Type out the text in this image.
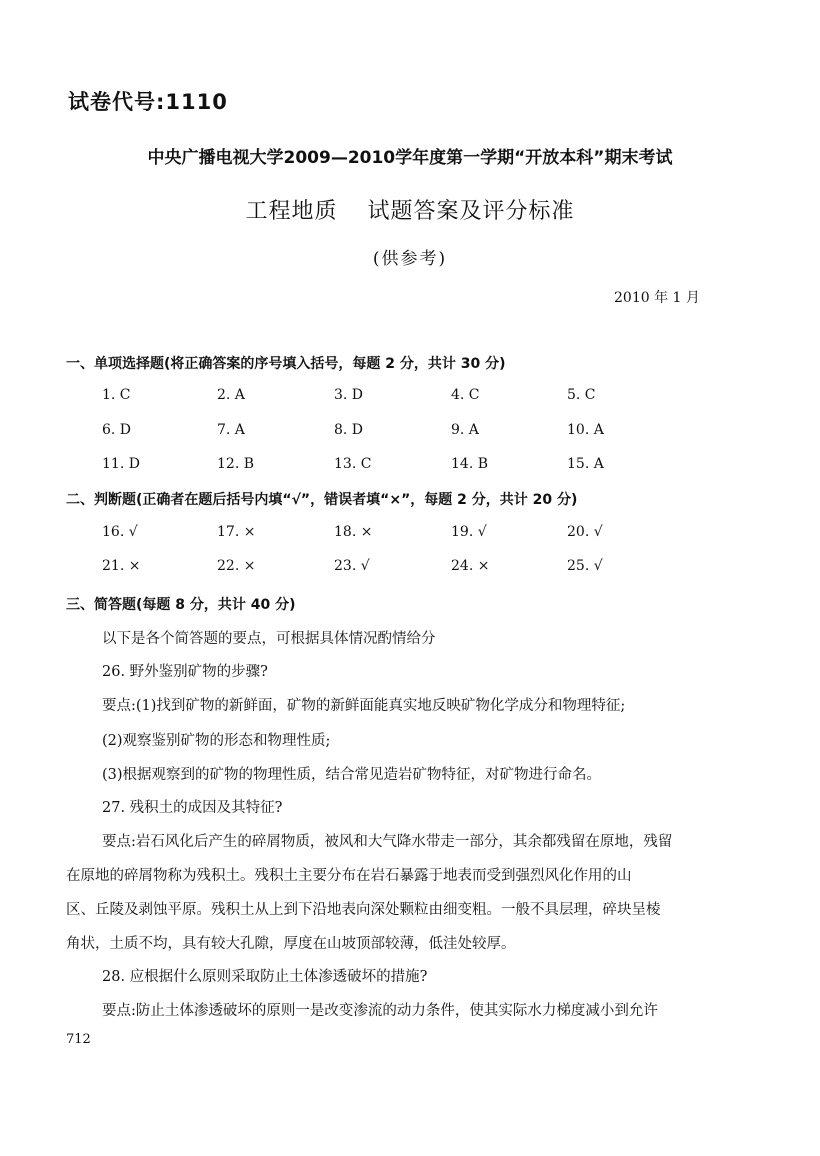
试卷代号:1110
中央广播电视大学2009—2010学年度第一学期“开放本科”期末考试
工程地质 试题答案及评分标准
(供参考)
2010 年 1 月
一、单项选择题(将正确答案的序号填入括号，每题 2 分，共计 30 分)
1. C	2. A	3. D	4. C	5. C
6. D	7. A	8. D	9. A	10. A
11. D	12. B	13. C	14. B	15. A
二、判断题(正确者在题后括号内填“√”，错误者填“×”，每题 2 分，共计 20 分)
16. √	17. ×	18. ×	19. √	20. √
21. ×	22. ×	23. √	24. ×	25. √
三、简答题(每题 8 分，共计 40 分)
以下是各个简答题的要点，可根据具体情况酌情给分
26. 野外鉴别矿物的步骤?
要点:(1)找到矿物的新鲜面，矿物的新鲜面能真实地反映矿物化学成分和物理特征;
(2)观察鉴别矿物的形态和物理性质;
(3)根据观察到的矿物的物理性质，结合常见造岩矿物特征，对矿物进行命名。
27. 残积土的成因及其特征?
要点:岩石风化后产生的碎屑物质，被风和大气降水带走一部分，其余都残留在原地，残留
在原地的碎屑物称为残积土。残积土主要分布在岩石暴露于地表而受到强烈风化作用的山
区、丘陵及剥蚀平原。残积土从上到下沿地表向深处颗粒由细变粗。一般不具层理，碎块呈棱
角状，土质不均，具有较大孔隙，厚度在山坡顶部较薄，低洼处较厚。
28. 应根据什么原则采取防止土体渗透破坏的措施?
要点:防止土体渗透破坏的原则一是改变渗流的动力条件，使其实际水力梯度减小到允许
712
